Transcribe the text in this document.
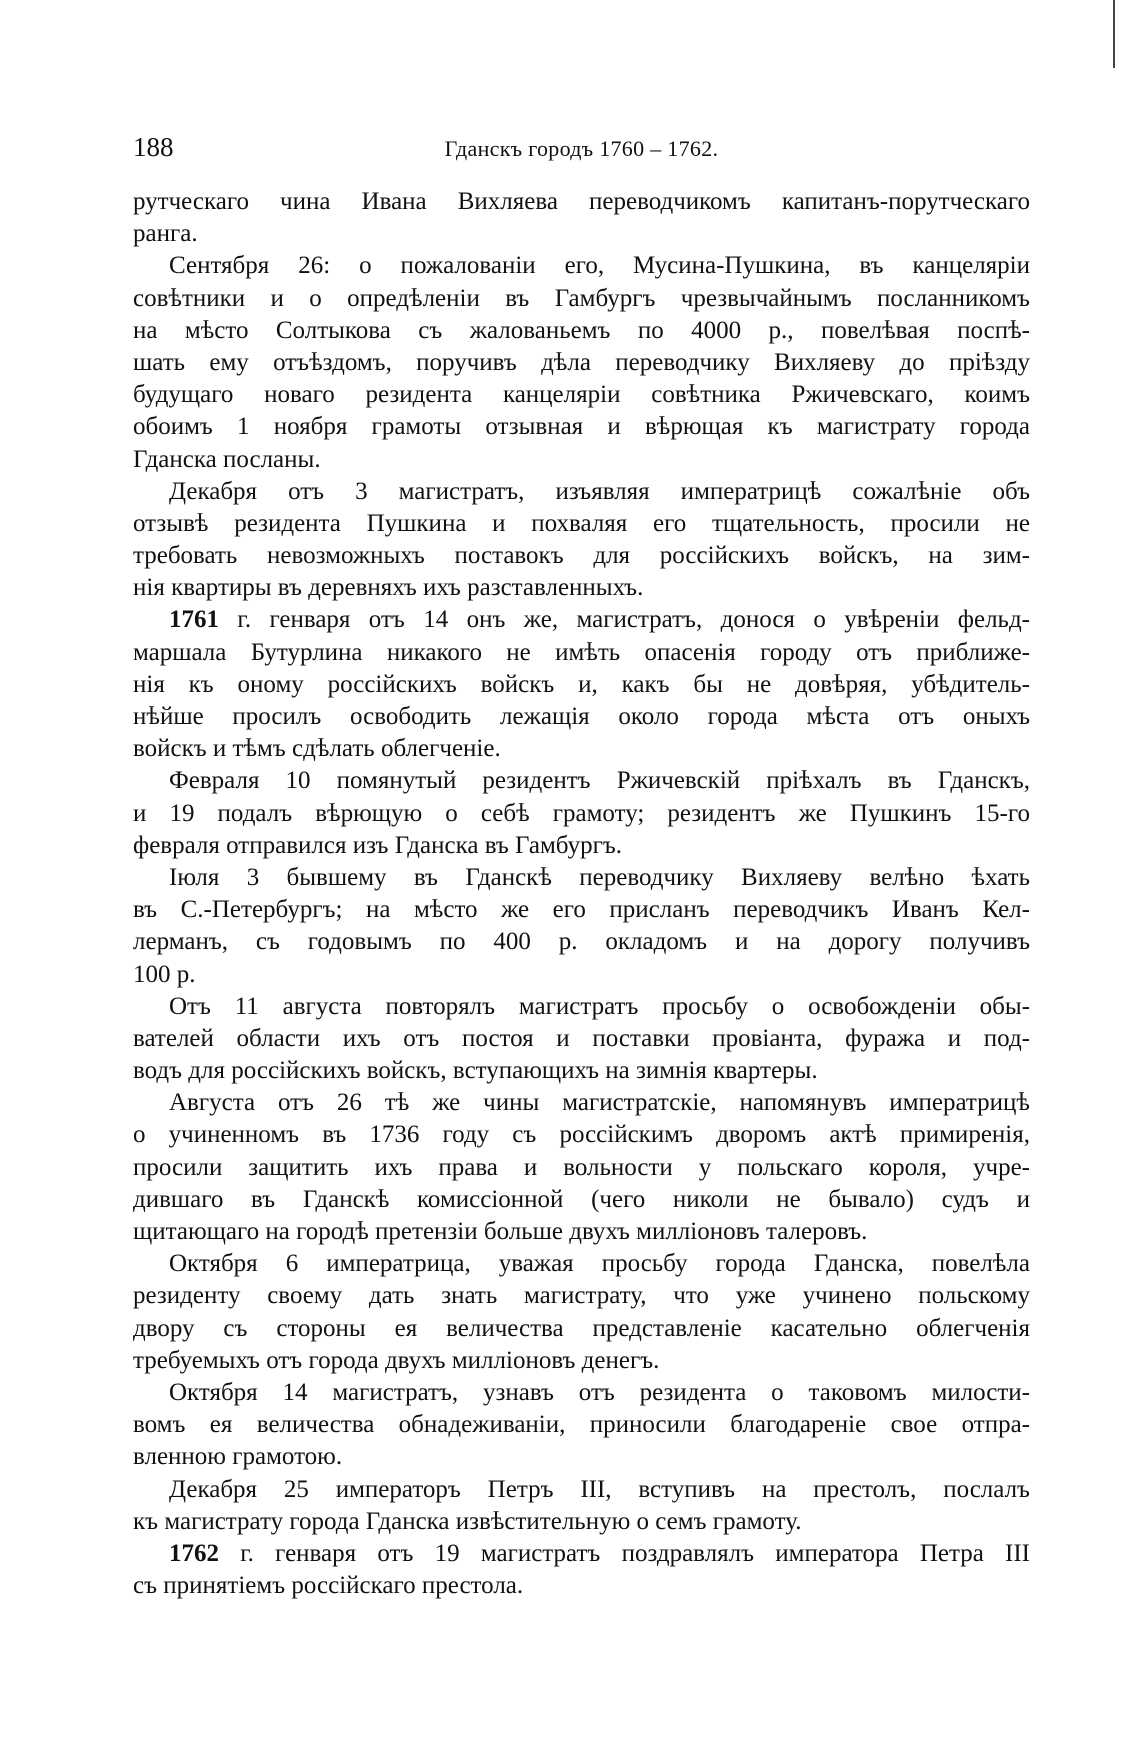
188	Гданскъ городъ 1760 – 1762.
рутческаго чина Ивана Вихляева переводчикомъ капитанъ-порутческаго
ранга.
Сентября 26: о пожалованіи его, Мусина-Пушкина, въ канцеляріи
совѣтники и о опредѣленіи въ Гамбургъ чрезвычайнымъ посланникомъ
на мѣсто Солтыкова съ жалованьемъ по 4000 р., повелѣвая поспѣ-
шать ему отъѣздомъ, поручивъ дѣла переводчику Вихляеву до пріѣзду
будущаго новаго резидента канцеляріи совѣтника Ржичевскаго, коимъ
обоимъ 1 ноября грамоты отзывная и вѣрющая къ магистрату города
Гданска посланы.
Декабря отъ 3 магистратъ, изъявляя императрицѣ сожалѣніе объ
отзывѣ резидента Пушкина и похваляя его тщательность, просили не
требовать невозможныхъ поставокъ для россійскихъ войскъ, на зим-
нія квартиры въ деревняхъ ихъ разставленныхъ.
1761 г. генваря отъ 14 онъ же, магистратъ, донося о увѣреніи фельд-
маршала Бутурлина никакого не имѣть опасенія городу отъ приближе-
нія къ оному россійскихъ войскъ и, какъ бы не довѣряя, убѣдитель-
нѣйше просилъ освободить лежащія около города мѣста отъ оныхъ
войскъ и тѣмъ сдѣлать облегченіе.
Февраля 10 помянутый резидентъ Ржичевскій пріѣхалъ въ Гданскъ,
и 19 подалъ вѣрющую о себѣ грамоту; резидентъ же Пушкинъ 15-го
февраля отправился изъ Гданска въ Гамбургъ.
Іюля 3 бывшему въ Гданскѣ переводчику Вихляеву велѣно ѣхать
въ С.-Петербургъ; на мѣсто же его присланъ переводчикъ Иванъ Кел-
лерманъ, съ годовымъ по 400 р. окладомъ и на дорогу получивъ
100 р.
Отъ 11 августа повторялъ магистратъ просьбу о освобожденіи обы-
вателей области ихъ отъ постоя и поставки провіанта, фуража и под-
водъ для россійскихъ войскъ, вступающихъ на зимнія квартеры.
Августа отъ 26 тѣ же чины магистратскіе, напомянувъ императрицѣ
о учиненномъ въ 1736 году съ россійскимъ дворомъ актѣ примиренія,
просили защитить ихъ права и вольности у польскаго короля, учре-
дившаго въ Гданскѣ комиссіонной (чего николи не бывало) судъ и
щитающаго на городѣ претензіи больше двухъ милліоновъ талеровъ.
Октября 6 императрица, уважая просьбу города Гданска, повелѣла
резиденту своему дать знать магистрату, что уже учинено польскому
двору съ стороны ея величества представленіе касательно облегченія
требуемыхъ отъ города двухъ милліоновъ денегъ.
Октября 14 магистратъ, узнавъ отъ резидента о таковомъ милости-
вомъ ея величества обнадеживаніи, приносили благодареніе свое отпра-
вленною грамотою.
Декабря 25 императоръ Петръ III, вступивъ на престолъ, послалъ
къ магистрату города Гданска извѣстительную о семъ грамоту.
1762 г. генваря отъ 19 магистратъ поздравлялъ императора Петра III
съ принятіемъ россійскаго престола.
